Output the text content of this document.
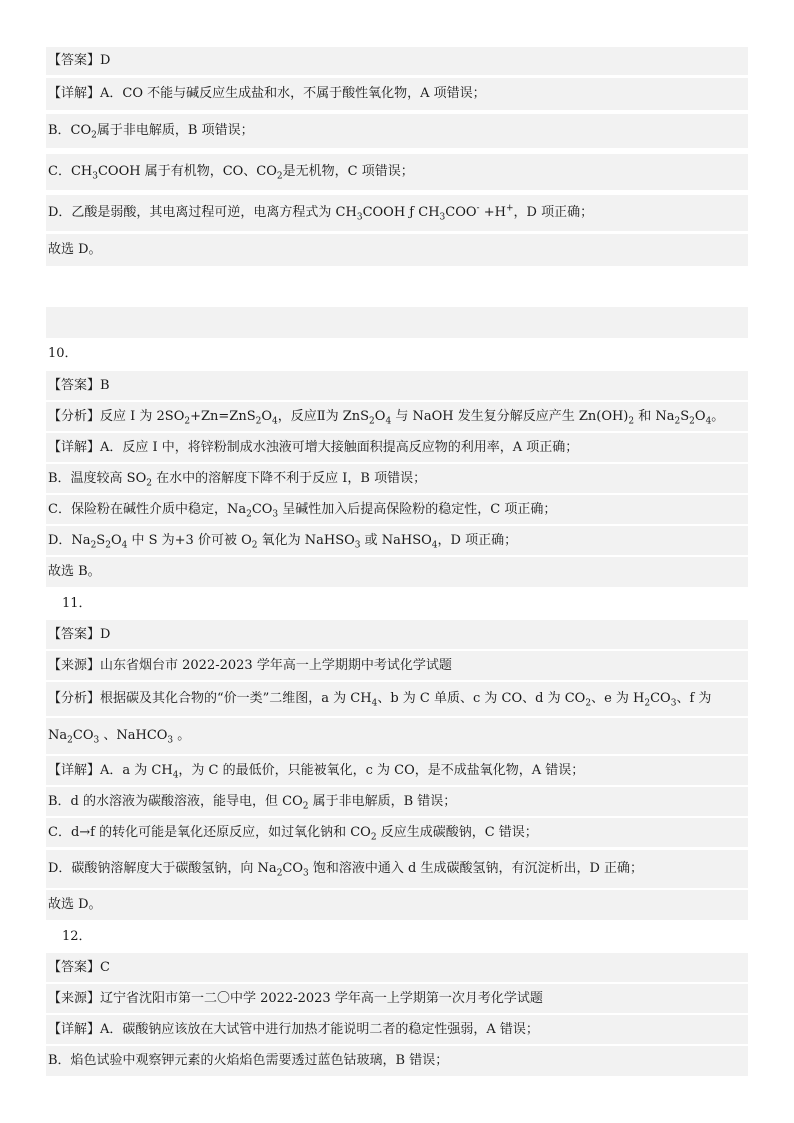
【答案】D
【详解】A．CO 不能与碱反应生成盐和水，不属于酸性氧化物，A 项错误；
B．$CO_2$属于非电解质，B 项错误；
C．$CH_3COOH$ 属于有机物，CO、$CO_2$是无机物，C 项错误；
D．乙酸是弱酸，其电离过程可逆，电离方程式为 $CH_3COOH$ ƒ $CH_3COO^- +H^+$，D 项正确；
故选 D。
10．
【答案】B
【分析】反应 I 为 $2SO_2+Zn=ZnS_2O_4$，反应Ⅱ为 $ZnS_2O_4$ 与 NaOH 发生复分解反应产生 $Zn(OH)_2$ 和 $Na_2S_2O_4$。
【详解】A．反应 I 中，将锌粉制成水浊液可增大接触面积提高反应物的利用率，A 项正确；
B．温度较高 $SO_2$ 在水中的溶解度下降不利于反应 I，B 项错误；
C．保险粉在碱性介质中稳定，$Na_2CO_3$ 呈碱性加入后提高保险粉的稳定性，C 项正确；
D．$Na_2S_2O_4$ 中 S 为+3 价可被 $O_2$ 氧化为 NaHSO$_3$ 或 NaHSO$_4$，D 项正确；
故选 B。
11．
【答案】D
【来源】山东省烟台市 2022-2023 学年高一上学期期中考试化学试题
【分析】根据碳及其化合物的“价一类”二维图，a 为 $CH_4$、b 为 C 单质、c 为 CO、d 为 $CO_2$、e 为 $H_2CO_3$、f 为
$Na_2CO_3$ 、NaHCO$_3$ 。
【详解】A．a 为 $CH_4$，为 C 的最低价，只能被氧化，c 为 CO，是不成盐氧化物，A 错误；
B．d 的水溶液为碳酸溶液，能导电，但 $CO_2$ 属于非电解质，B 错误；
C．d→f 的转化可能是氧化还原反应，如过氧化钠和 $CO_2$ 反应生成碳酸钠，C 错误；
D．碳酸钠溶解度大于碳酸氢钠，向 $Na_2CO_3$ 饱和溶液中通入 d 生成碳酸氢钠，有沉淀析出，D 正确；
故选 D。
12．
【答案】C
【来源】辽宁省沈阳市第一二〇中学 2022-2023 学年高一上学期第一次月考化学试题
【详解】A．碳酸钠应该放在大试管中进行加热才能说明二者的稳定性强弱，A 错误；
B．焰色试验中观察钾元素的火焰焰色需要透过蓝色钴玻璃，B 错误；
